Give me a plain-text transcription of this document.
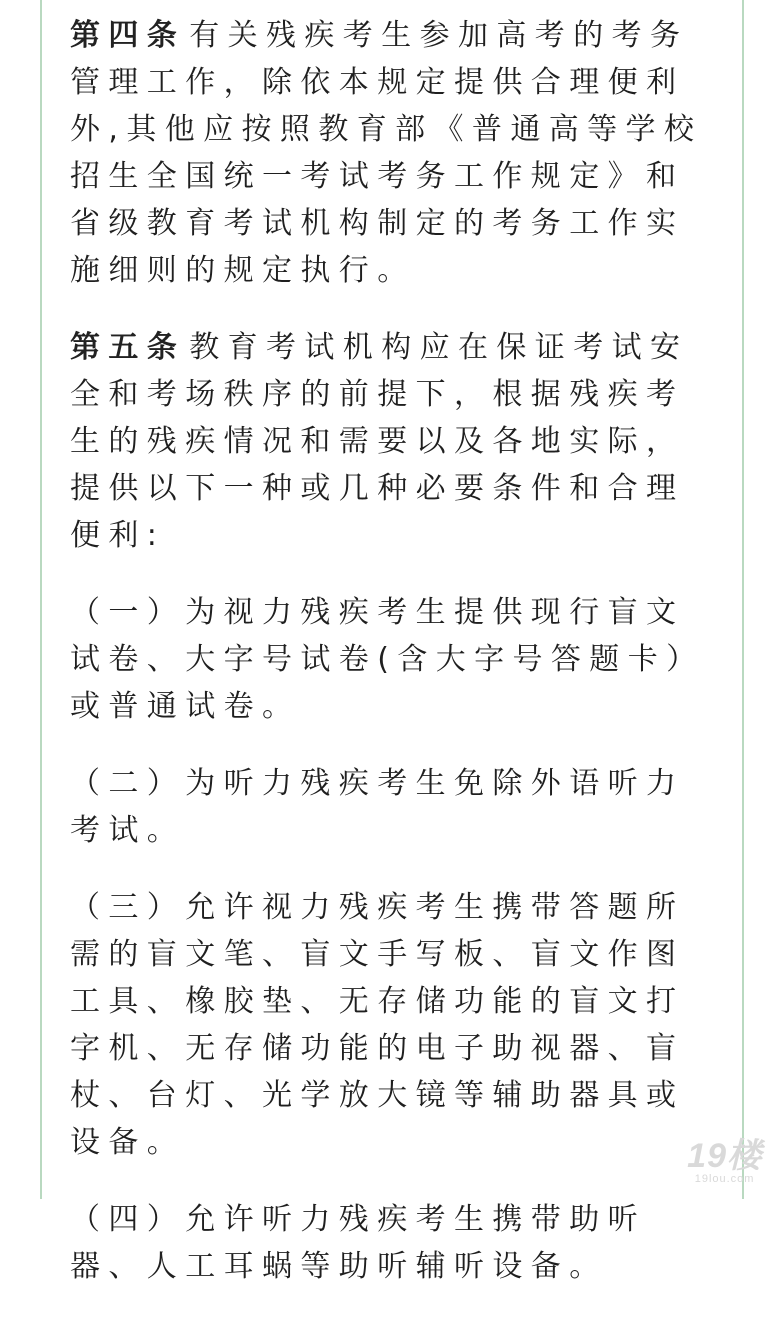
第四条 有关残疾考生参加高考的考务管理工作，除依本规定提供合理便利外,其他应按照教育部《普通高等学校招生全国统一考试考务工作规定》和省级教育考试机构制定的考务工作实施细则的规定执行。

第五条 教育考试机构应在保证考试安全和考场秩序的前提下，根据残疾考生的残疾情况和需要以及各地实际，提供以下一种或几种必要条件和合理便利:

（一）为视力残疾考生提供现行盲文试卷、大字号试卷(含大字号答题卡）或普通试卷。

（二）为听力残疾考生免除外语听力考试。

（三）允许视力残疾考生携带答题所需的盲文笔、盲文手写板、盲文作图工具、橡胶垫、无存储功能的盲文打字机、无存储功能的电子助视器、盲杖、台灯、光学放大镜等辅助器具或设备。

（四）允许听力残疾考生携带助听器、人工耳蜗等助听辅听设备。

19楼
19lou.com
